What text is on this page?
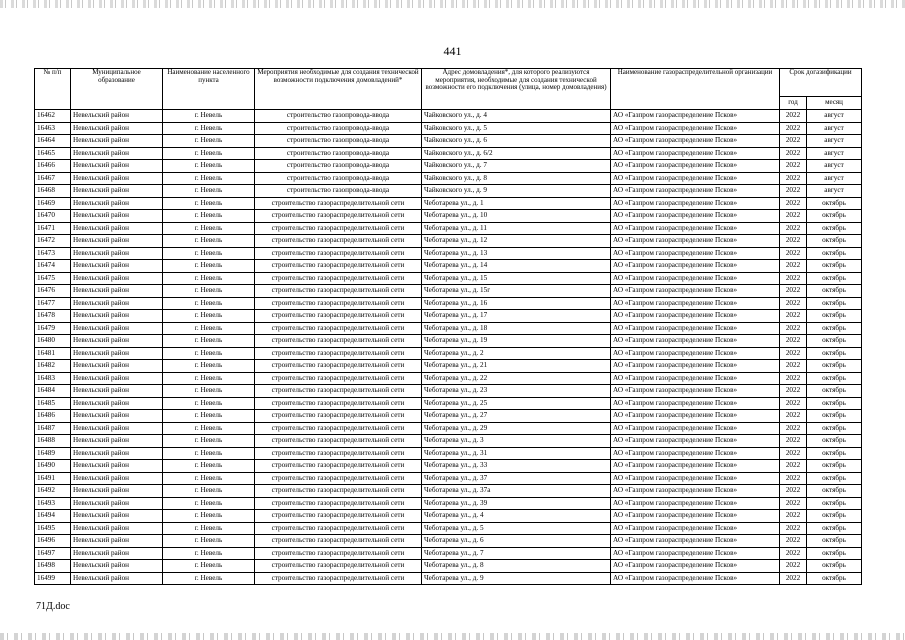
441
№ п/п	Муниципальное образование	Наименование населенного пункта	Мероприятия необходимые для создания технической возможности подключения домовладений*	Адрес домовладения*, для которого реализуются мероприятия, необходимые для создания технической возможности его подключения (улица, номер домовладения)	Наименование газораспределительной организации	Срок догазификации	
						год	месяц
16462	Невельский район	г. Невель	строительство газопровода-ввода	Чайковского ул., д. 4	АО «Газпром газораспределение Псков»	2022	август
16463	Невельский район	г. Невель	строительство газопровода-ввода	Чайковского ул., д. 5	АО «Газпром газораспределение Псков»	2022	август
16464	Невельский район	г. Невель	строительство газопровода-ввода	Чайковского ул., д. 6	АО «Газпром газораспределение Псков»	2022	август
16465	Невельский район	г. Невель	строительство газопровода-ввода	Чайковского ул., д. 6/2	АО «Газпром газораспределение Псков»	2022	август
16466	Невельский район	г. Невель	строительство газопровода-ввода	Чайковского ул., д. 7	АО «Газпром газораспределение Псков»	2022	август
16467	Невельский район	г. Невель	строительство газопровода-ввода	Чайковского ул., д. 8	АО «Газпром газораспределение Псков»	2022	август
16468	Невельский район	г. Невель	строительство газопровода-ввода	Чайковского ул., д. 9	АО «Газпром газораспределение Псков»	2022	август
16469	Невельский район	г. Невель	строительство газораспределительной сети	Чеботарева ул., д. 1	АО «Газпром газораспределение Псков»	2022	октябрь
16470	Невельский район	г. Невель	строительство газораспределительной сети	Чеботарева ул., д. 10	АО «Газпром газораспределение Псков»	2022	октябрь
16471	Невельский район	г. Невель	строительство газораспределительной сети	Чеботарева ул., д. 11	АО «Газпром газораспределение Псков»	2022	октябрь
16472	Невельский район	г. Невель	строительство газораспределительной сети	Чеботарева ул., д. 12	АО «Газпром газораспределение Псков»	2022	октябрь
16473	Невельский район	г. Невель	строительство газораспределительной сети	Чеботарева ул., д. 13	АО «Газпром газораспределение Псков»	2022	октябрь
16474	Невельский район	г. Невель	строительство газораспределительной сети	Чеботарева ул., д. 14	АО «Газпром газораспределение Псков»	2022	октябрь
16475	Невельский район	г. Невель	строительство газораспределительной сети	Чеботарева ул., д. 15	АО «Газпром газораспределение Псков»	2022	октябрь
16476	Невельский район	г. Невель	строительство газораспределительной сети	Чеботарева ул., д. 15г	АО «Газпром газораспределение Псков»	2022	октябрь
16477	Невельский район	г. Невель	строительство газораспределительной сети	Чеботарева ул., д. 16	АО «Газпром газораспределение Псков»	2022	октябрь
16478	Невельский район	г. Невель	строительство газораспределительной сети	Чеботарева ул., д. 17	АО «Газпром газораспределение Псков»	2022	октябрь
16479	Невельский район	г. Невель	строительство газораспределительной сети	Чеботарева ул., д. 18	АО «Газпром газораспределение Псков»	2022	октябрь
16480	Невельский район	г. Невель	строительство газораспределительной сети	Чеботарева ул., д. 19	АО «Газпром газораспределение Псков»	2022	октябрь
16481	Невельский район	г. Невель	строительство газораспределительной сети	Чеботарева ул., д. 2	АО «Газпром газораспределение Псков»	2022	октябрь
16482	Невельский район	г. Невель	строительство газораспределительной сети	Чеботарева ул., д. 21	АО «Газпром газораспределение Псков»	2022	октябрь
16483	Невельский район	г. Невель	строительство газораспределительной сети	Чеботарева ул., д. 22	АО «Газпром газораспределение Псков»	2022	октябрь
16484	Невельский район	г. Невель	строительство газораспределительной сети	Чеботарева ул., д. 23	АО «Газпром газораспределение Псков»	2022	октябрь
16485	Невельский район	г. Невель	строительство газораспределительной сети	Чеботарева ул., д. 25	АО «Газпром газораспределение Псков»	2022	октябрь
16486	Невельский район	г. Невель	строительство газораспределительной сети	Чеботарева ул., д. 27	АО «Газпром газораспределение Псков»	2022	октябрь
16487	Невельский район	г. Невель	строительство газораспределительной сети	Чеботарева ул., д. 29	АО «Газпром газораспределение Псков»	2022	октябрь
16488	Невельский район	г. Невель	строительство газораспределительной сети	Чеботарева ул., д. 3	АО «Газпром газораспределение Псков»	2022	октябрь
16489	Невельский район	г. Невель	строительство газораспределительной сети	Чеботарева ул., д. 31	АО «Газпром газораспределение Псков»	2022	октябрь
16490	Невельский район	г. Невель	строительство газораспределительной сети	Чеботарева ул., д. 33	АО «Газпром газораспределение Псков»	2022	октябрь
16491	Невельский район	г. Невель	строительство газораспределительной сети	Чеботарева ул., д. 37	АО «Газпром газораспределение Псков»	2022	октябрь
16492	Невельский район	г. Невель	строительство газораспределительной сети	Чеботарева ул., д. 37а	АО «Газпром газораспределение Псков»	2022	октябрь
16493	Невельский район	г. Невель	строительство газораспределительной сети	Чеботарева ул., д. 39	АО «Газпром газораспределение Псков»	2022	октябрь
16494	Невельский район	г. Невель	строительство газораспределительной сети	Чеботарева ул., д. 4	АО «Газпром газораспределение Псков»	2022	октябрь
16495	Невельский район	г. Невель	строительство газораспределительной сети	Чеботарева ул., д. 5	АО «Газпром газораспределение Псков»	2022	октябрь
16496	Невельский район	г. Невель	строительство газораспределительной сети	Чеботарева ул., д. 6	АО «Газпром газораспределение Псков»	2022	октябрь
16497	Невельский район	г. Невель	строительство газораспределительной сети	Чеботарева ул., д. 7	АО «Газпром газораспределение Псков»	2022	октябрь
16498	Невельский район	г. Невель	строительство газораспределительной сети	Чеботарева ул., д. 8	АО «Газпром газораспределение Псков»	2022	октябрь
16499	Невельский район	г. Невель	строительство газораспределительной сети	Чеботарева ул., д. 9	АО «Газпром газораспределение Псков»	2022	октябрь
71Д.doc
